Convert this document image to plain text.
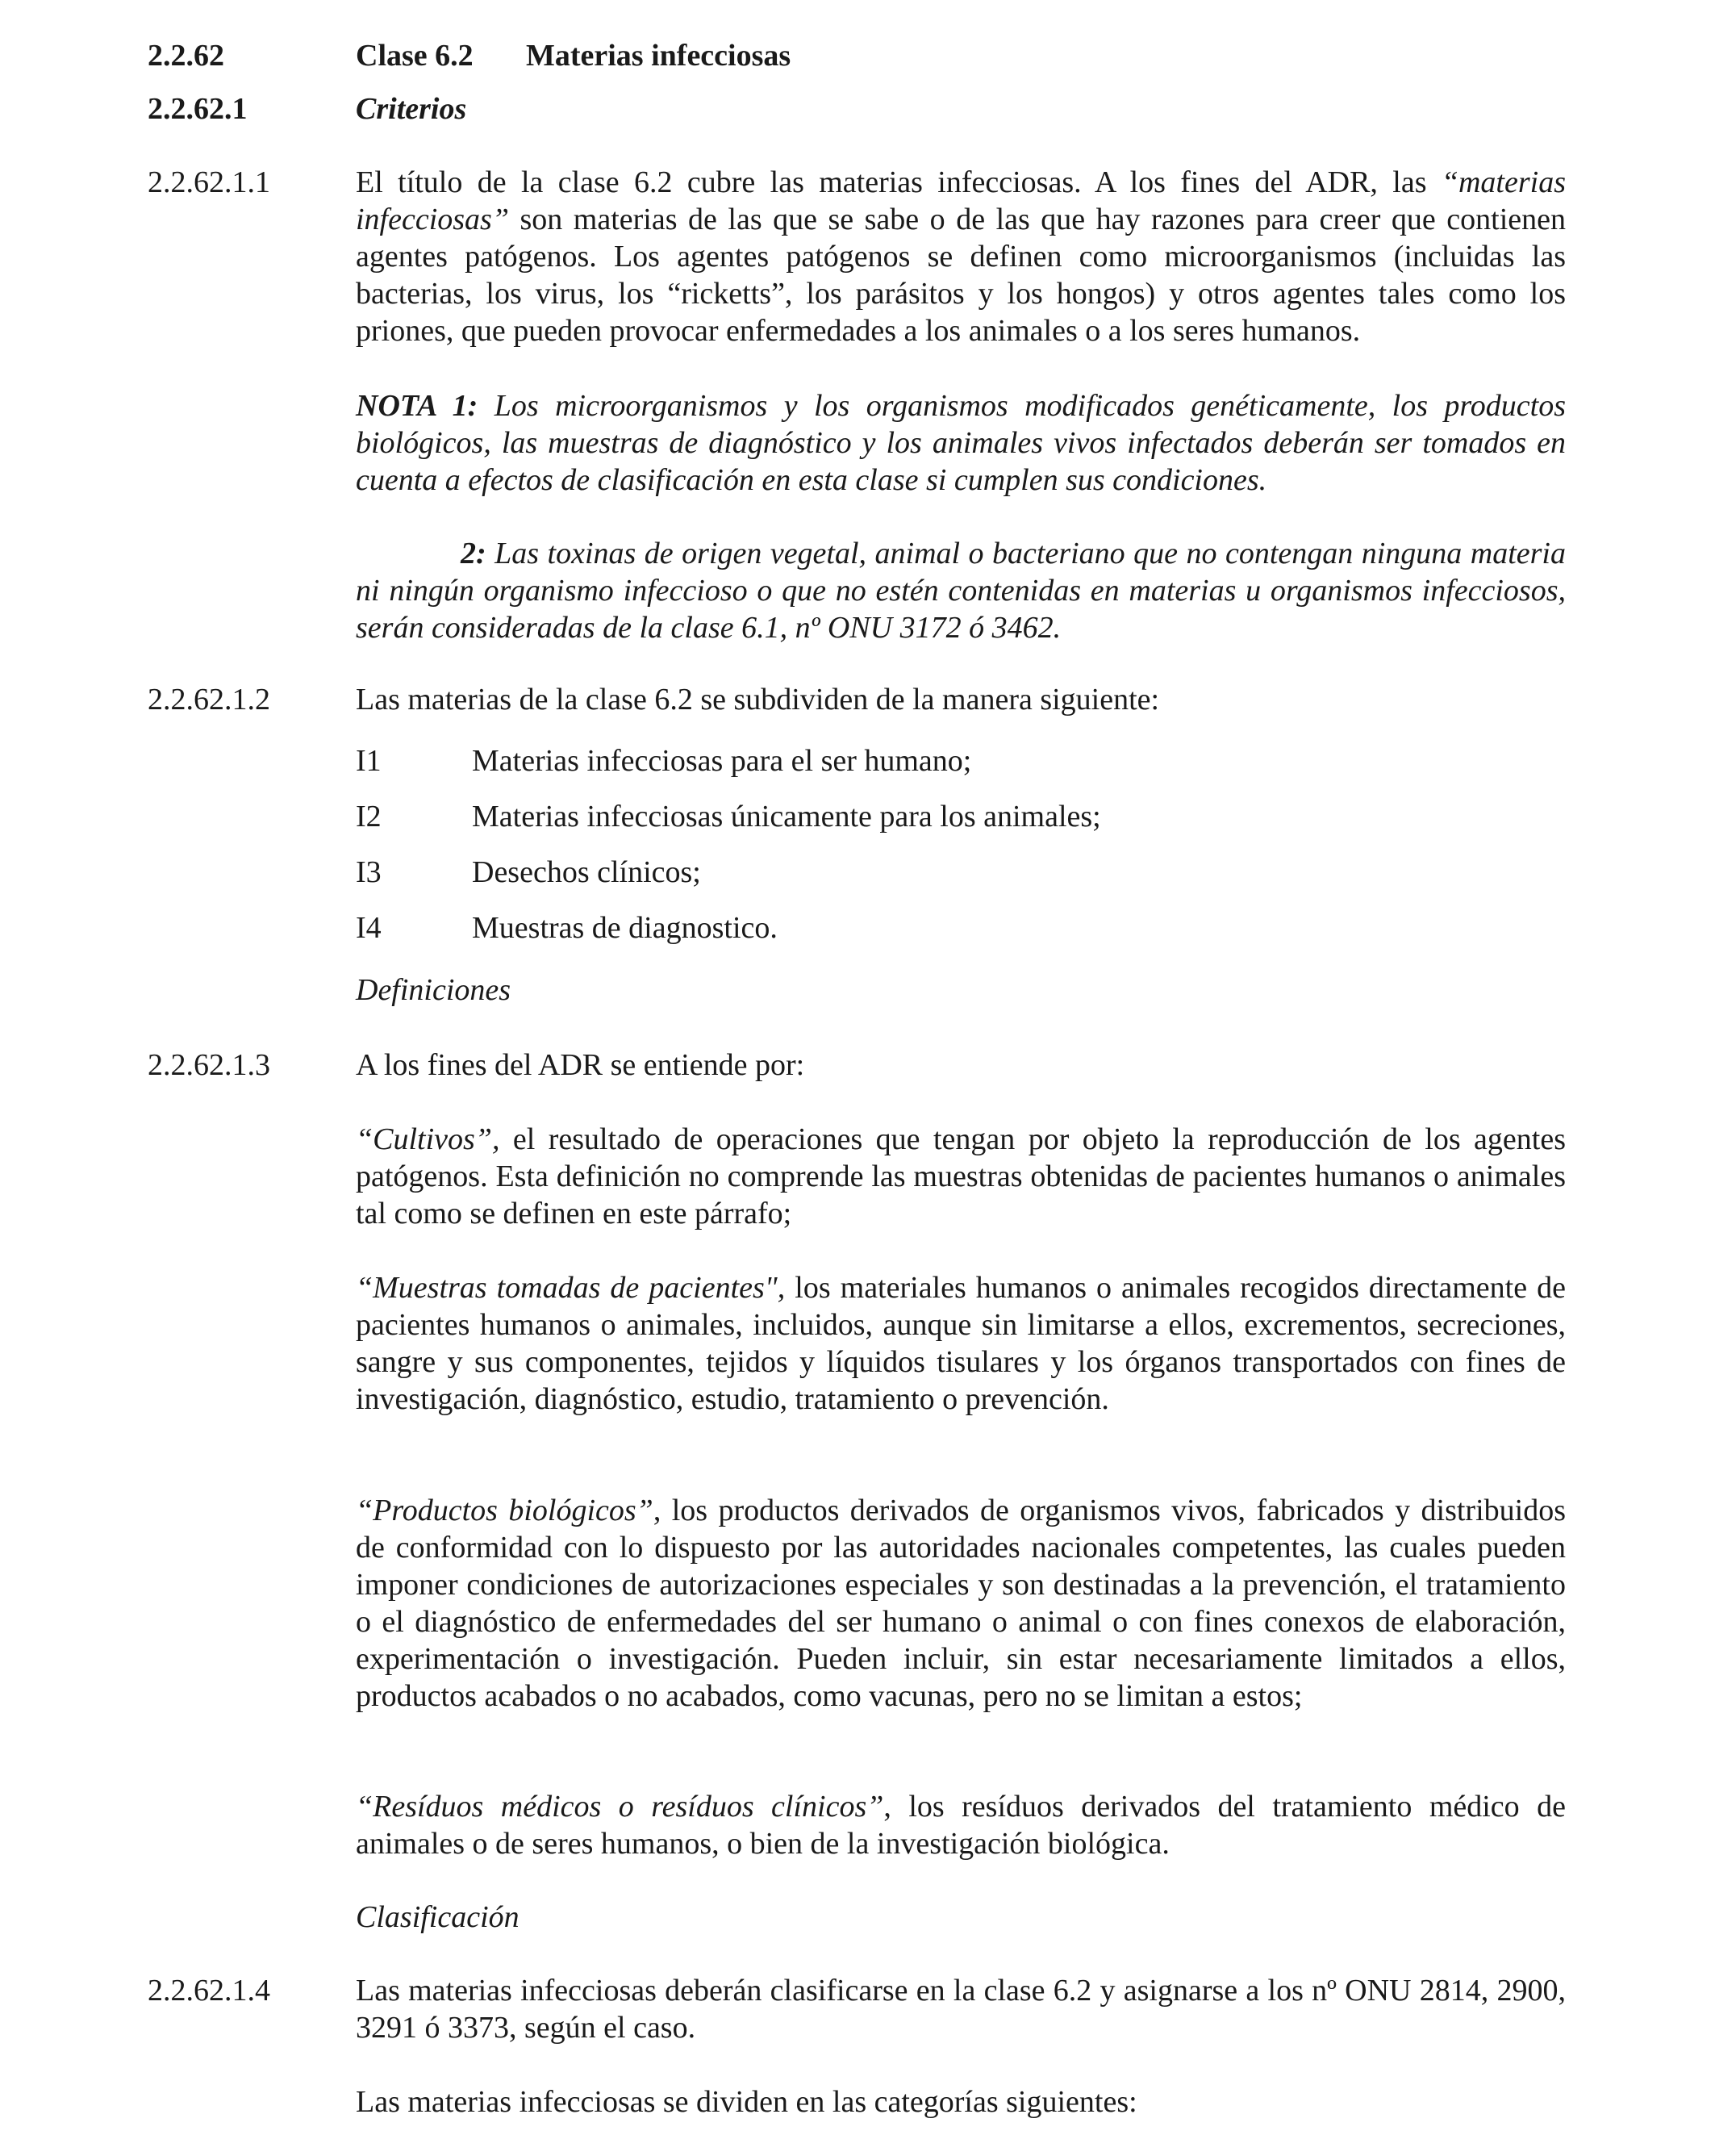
2.2.62	Clase 6.2 Materias infecciosas
2.2.62.1	Criterios
2.2.62.1.1	El título de la clase 6.2 cubre las materias infecciosas. A los fines del ADR, las “materias infecciosas” son materias de las que se sabe o de las que hay razones para creer que contienen agentes patógenos. Los agentes patógenos se definen como microorganismos (incluidas las bacterias, los virus, los “ricketts”, los parásitos y los hongos) y otros agentes tales como los priones, que pueden provocar enfermedades a los animales o a los seres humanos.
NOTA 1: Los microorganismos y los organismos modificados genéticamente, los productos biológicos, las muestras de diagnóstico y los animales vivos infectados deberán ser tomados en cuenta a efectos de clasificación en esta clase si cumplen sus condiciones.
2: Las toxinas de origen vegetal, animal o bacteriano que no contengan ninguna materia ni ningún organismo infeccioso o que no estén contenidas en materias u organismos infecciosos, serán consideradas de la clase 6.1, nº ONU 3172 ó 3462.
2.2.62.1.2	Las materias de la clase 6.2 se subdividen de la manera siguiente:
I1	Materias infecciosas para el ser humano;
I2	Materias infecciosas únicamente para los animales;
I3	Desechos clínicos;
I4	Muestras de diagnostico.
Definiciones
2.2.62.1.3	A los fines del ADR se entiende por:
“Cultivos”, el resultado de operaciones que tengan por objeto la reproducción de los agentes patógenos. Esta definición no comprende las muestras obtenidas de pacientes humanos o animales tal como se definen en este párrafo;
“Muestras tomadas de pacientes", los materiales humanos o animales recogidos directamente de pacientes humanos o animales, incluidos, aunque sin limitarse a ellos, excrementos, secreciones, sangre y sus componentes, tejidos y líquidos tisulares y los órganos transportados con fines de investigación, diagnóstico, estudio, tratamiento o prevención.
“Productos biológicos”, los productos derivados de organismos vivos, fabricados y distribuidos de conformidad con lo dispuesto por las autoridades nacionales competentes, las cuales pueden imponer condiciones de autorizaciones especiales y son destinadas a la prevención, el tratamiento o el diagnóstico de enfermedades del ser humano o animal o con fines conexos de elaboración, experimentación o investigación. Pueden incluir, sin estar necesariamente limitados a ellos, productos acabados o no acabados, como vacunas, pero no se limitan a estos;
“Resíduos médicos o resíduos clínicos”, los resíduos derivados del tratamiento médico de animales o de seres humanos, o bien de la investigación biológica.
Clasificación
2.2.62.1.4	Las materias infecciosas deberán clasificarse en la clase 6.2 y asignarse a los nº ONU 2814, 2900, 3291 ó 3373, según el caso.
Las materias infecciosas se dividen en las categorías siguientes:
